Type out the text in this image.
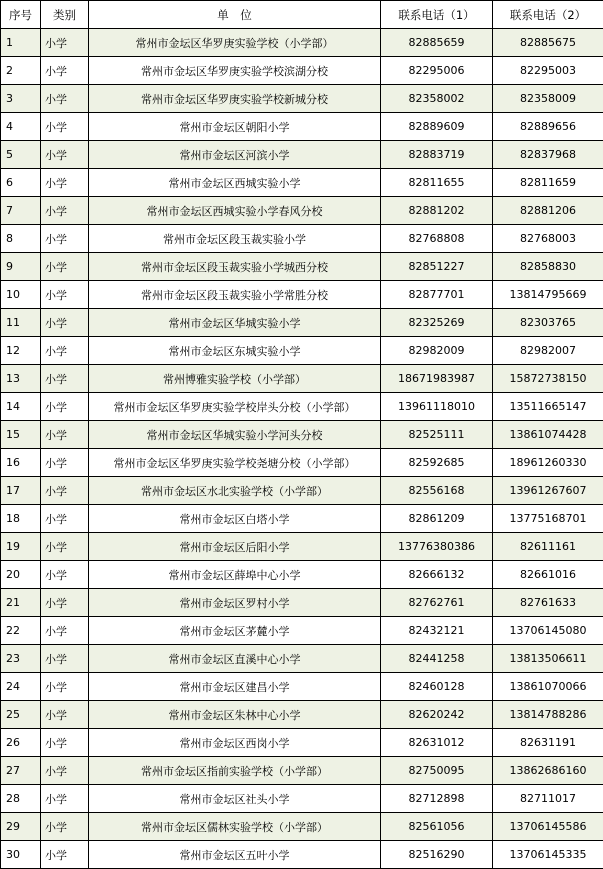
序号	类别	单　位	联系电话（1）	联系电话（2）
1	小学	常州市金坛区华罗庚实验学校（小学部）	82885659	82885675
2	小学	常州市金坛区华罗庚实验学校滨湖分校	82295006	82295003
3	小学	常州市金坛区华罗庚实验学校新城分校	82358002	82358009
4	小学	常州市金坛区朝阳小学	82889609	82889656
5	小学	常州市金坛区河滨小学	82883719	82837968
6	小学	常州市金坛区西城实验小学	82811655	82811659
7	小学	常州市金坛区西城实验小学春风分校	82881202	82881206
8	小学	常州市金坛区段玉裁实验小学	82768808	82768003
9	小学	常州市金坛区段玉裁实验小学城西分校	82851227	82858830
10	小学	常州市金坛区段玉裁实验小学常胜分校	82877701	13814795669
11	小学	常州市金坛区华城实验小学	82325269	82303765
12	小学	常州市金坛区东城实验小学	82982009	82982007
13	小学	常州博雅实验学校（小学部）	18671983987	15872738150
14	小学	常州市金坛区华罗庚实验学校岸头分校（小学部）	13961118010	13511665147
15	小学	常州市金坛区华城实验小学河头分校	82525111	13861074428
16	小学	常州市金坛区华罗庚实验学校尧塘分校（小学部）	82592685	18961260330
17	小学	常州市金坛区水北实验学校（小学部）	82556168	13961267607
18	小学	常州市金坛区白塔小学	82861209	13775168701
19	小学	常州市金坛区后阳小学	13776380386	82611161
20	小学	常州市金坛区薛埠中心小学	82666132	82661016
21	小学	常州市金坛区罗村小学	82762761	82761633
22	小学	常州市金坛区茅麓小学	82432121	13706145080
23	小学	常州市金坛区直溪中心小学	82441258	13813506611
24	小学	常州市金坛区建昌小学	82460128	13861070066
25	小学	常州市金坛区朱林中心小学	82620242	13814788286
26	小学	常州市金坛区西岗小学	82631012	82631191
27	小学	常州市金坛区指前实验学校（小学部）	82750095	13862686160
28	小学	常州市金坛区社头小学	82712898	82711017
29	小学	常州市金坛区儒林实验学校（小学部）	82561056	13706145586
30	小学	常州市金坛区五叶小学	82516290	13706145335
